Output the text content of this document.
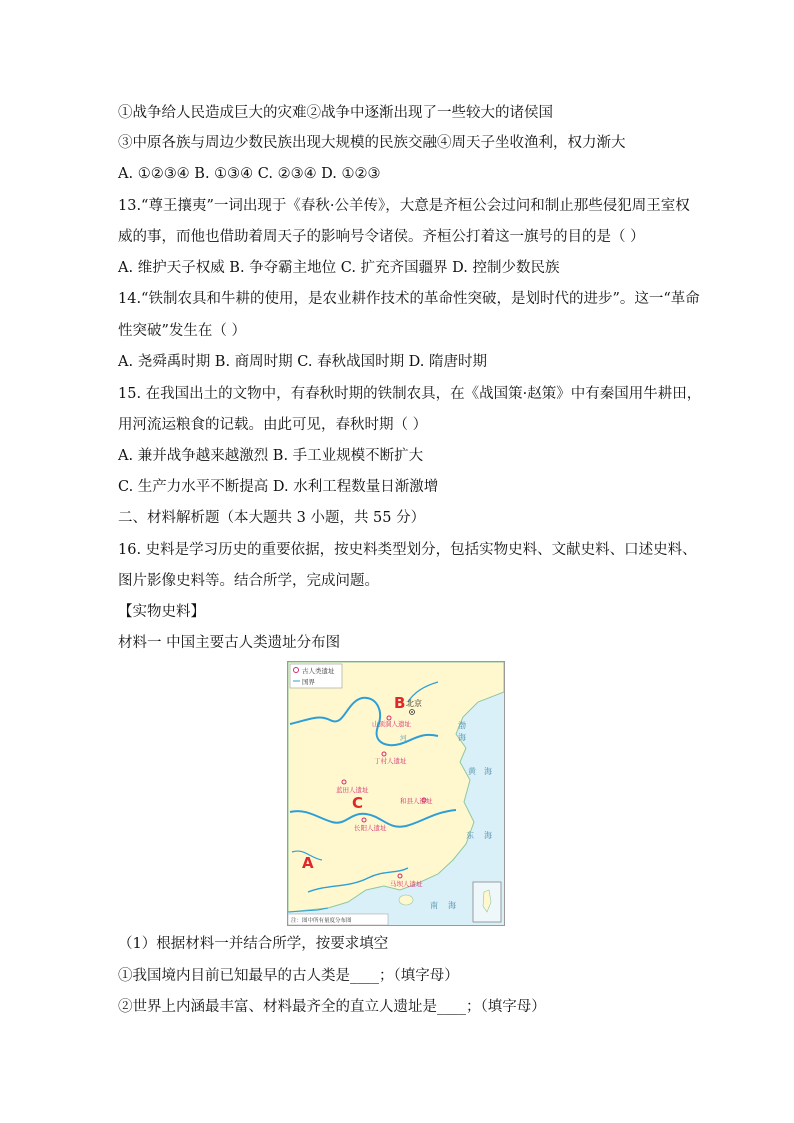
①战争给人民造成巨大的灾难②战争中逐渐出现了一些较大的诸侯国
③中原各族与周边少数民族出现大规模的民族交融④周天子坐收渔利，权力渐大
A. ①②③④ B. ①③④ C. ②③④ D. ①②③
13.“尊王攘夷”一词出现于《春秋·公羊传》，大意是齐桓公会过问和制止那些侵犯周王室权
威的事，而他也借助着周天子的影响号令诸侯。齐桓公打着这一旗号的目的是（ ）
A. 维护天子权威 B. 争夺霸主地位 C. 扩充齐国疆界 D. 控制少数民族
14.“铁制农具和牛耕的使用，是农业耕作技术的革命性突破，是划时代的进步”。这一“革命
性突破”发生在（ ）
A. 尧舜禹时期 B. 商周时期 C. 春秋战国时期 D. 隋唐时期
15. 在我国出土的文物中，有春秋时期的铁制农具，在《战国策·赵策》中有秦国用牛耕田，
用河流运粮食的记载。由此可见，春秋时期（ ）
A. 兼并战争越来越激烈 B. 手工业规模不断扩大
C. 生产力水平不断提高 D. 水利工程数量日渐激增
二、材料解析题（本大题共 3 小题，共 55 分）
16. 史料是学习历史的重要依据，按史料类型划分，包括实物史料、文献史料、口述史料、
图片影像史料等。结合所学，完成问题。
【实物史料】
材料一 中国主要古人类遗址分布图
古人类遗址
国界
B 北京
山顶洞人遗址
丁村人遗址
蓝田人遗址
和县人遗址
长阳人遗址
马坝人遗址
C
A
渤
海
黄 海
东 海
南 海
河
注：图中所有量度分布图
（1）根据材料一并结合所学，按要求填空
①我国境内目前已知最早的古人类是____；（填字母）
②世界上内涵最丰富、材料最齐全的直立人遗址是____；（填字母）
